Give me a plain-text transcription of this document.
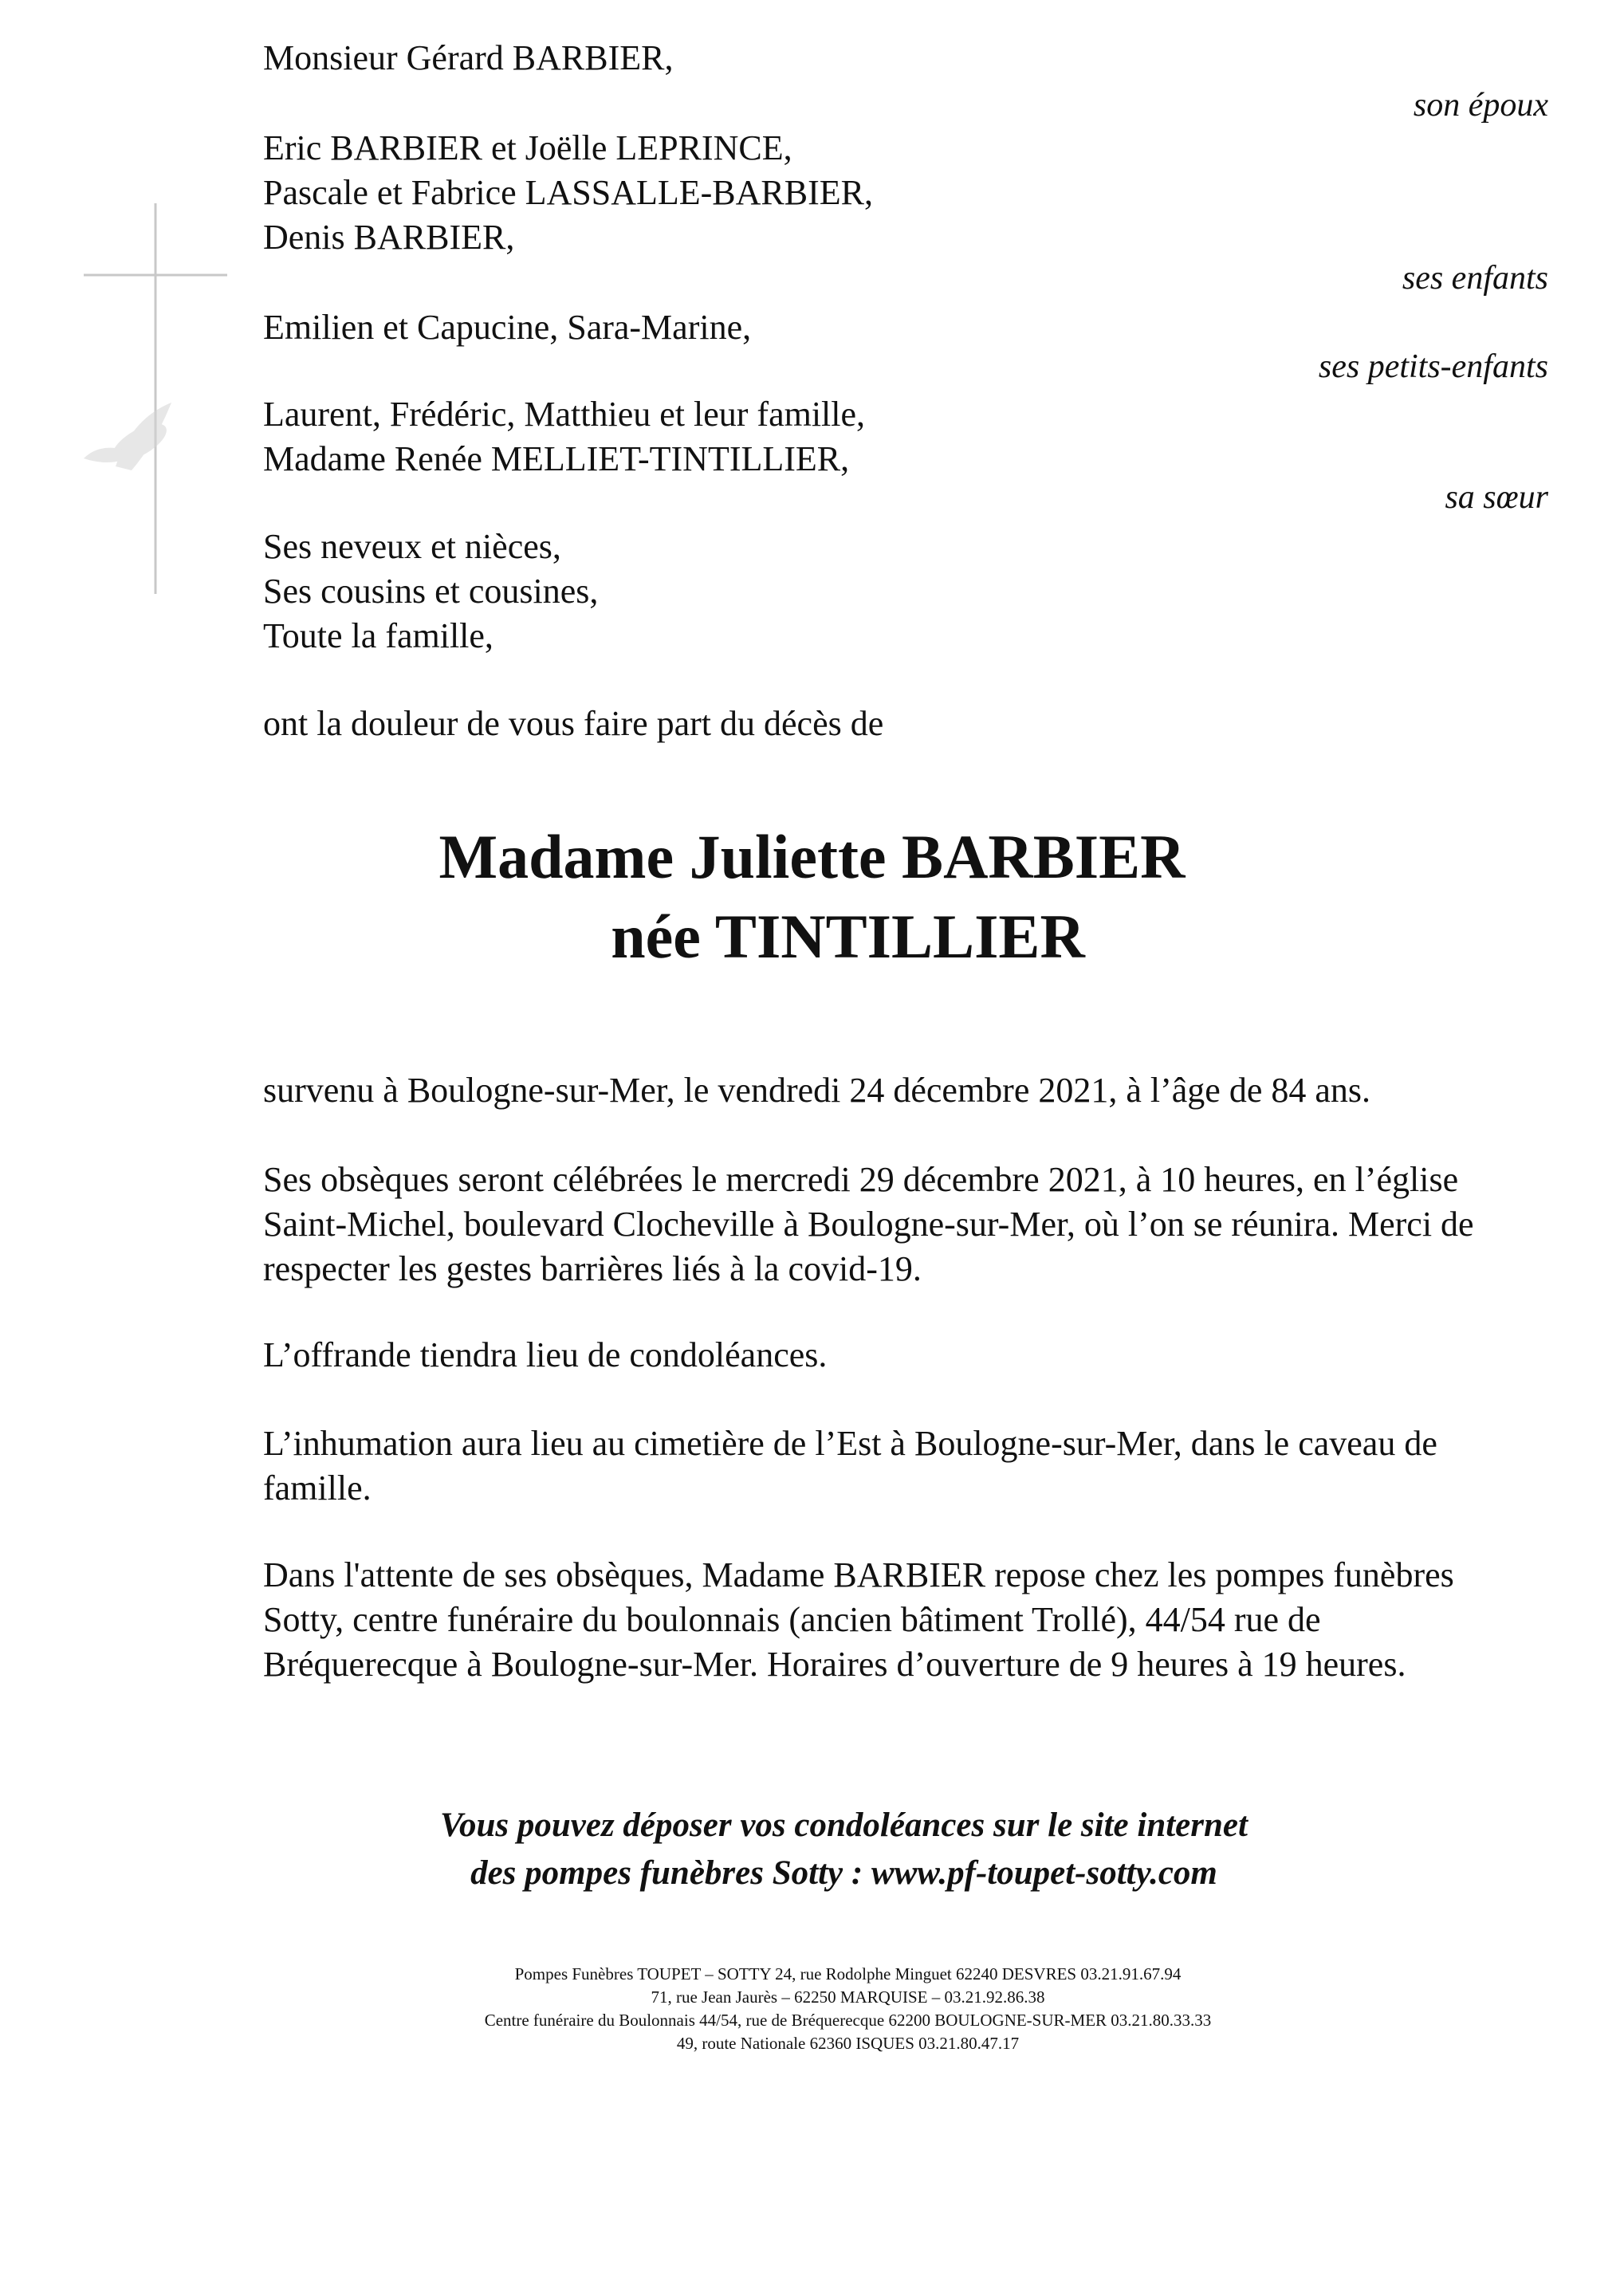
Monsieur Gérard BARBIER,
Eric BARBIER et Joëlle LEPRINCE,
Pascale et Fabrice LASSALLE-BARBIER,
Denis BARBIER,
Emilien et Capucine, Sara-Marine,
Laurent, Frédéric, Matthieu et leur famille,
Madame Renée MELLIET-TINTILLIER,
Ses neveux et nièces,
Ses cousins et cousines,
Toute la famille,
son époux
ses enfants
ses petits-enfants
sa sœur
ont la douleur de vous faire part du décès de
Madame Juliette BARBIER
née TINTILLIER
survenu à Boulogne-sur-Mer, le vendredi 24 décembre 2021, à l’âge de 84 ans.
Ses obsèques seront célébrées le mercredi 29 décembre 2021, à 10 heures, en l’église Saint-Michel, boulevard Clocheville à Boulogne-sur-Mer, où l’on se réunira. Merci de respecter les gestes barrières liés à la covid-19.
L’offrande tiendra lieu de condoléances.
L’inhumation aura lieu au cimetière de l’Est à Boulogne-sur-Mer, dans le caveau de famille.
Dans l'attente de ses obsèques, Madame BARBIER repose chez les pompes funèbres Sotty, centre funéraire du boulonnais (ancien bâtiment Trollé), 44/54 rue de Bréquerecque à Boulogne-sur-Mer. Horaires d’ouverture de 9 heures à 19 heures.
Vous pouvez déposer vos condoléances sur le site internet
des pompes funèbres Sotty : www.pf-toupet-sotty.com
Pompes Funèbres TOUPET – SOTTY 24, rue Rodolphe Minguet 62240 DESVRES 03.21.91.67.94
71, rue Jean Jaurès – 62250 MARQUISE – 03.21.92.86.38
Centre funéraire du Boulonnais 44/54, rue de Bréquerecque 62200 BOULOGNE-SUR-MER 03.21.80.33.33
49, route Nationale 62360 ISQUES 03.21.80.47.17
